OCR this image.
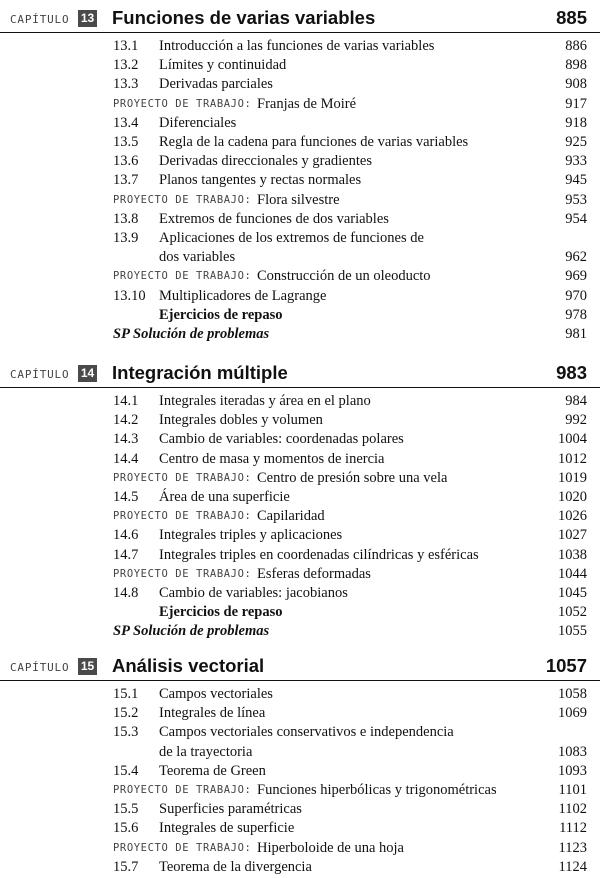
CAPÍTULO 13 Funciones de varias variables	885
13.1 Introducción a las funciones de varias variables	886
13.2 Límites y continuidad	898
13.3 Derivadas parciales	908
PROYECTO DE TRABAJO: Franjas de Moiré	917
13.4 Diferenciales	918
13.5 Regla de la cadena para funciones de varias variables	925
13.6 Derivadas direccionales y gradientes	933
13.7 Planos tangentes y rectas normales	945
PROYECTO DE TRABAJO: Flora silvestre	953
13.8 Extremos de funciones de dos variables	954
13.9 Aplicaciones de los extremos de funciones de
dos variables	962
PROYECTO DE TRABAJO: Construcción de un oleoducto	969
13.10 Multiplicadores de Lagrange	970
Ejercicios de repaso	978
SP Solución de problemas	981
CAPÍTULO 14 Integración múltiple	983
14.1 Integrales iteradas y área en el plano	984
14.2 Integrales dobles y volumen	992
14.3 Cambio de variables: coordenadas polares	1004
14.4 Centro de masa y momentos de inercia	1012
PROYECTO DE TRABAJO: Centro de presión sobre una vela	1019
14.5 Área de una superficie	1020
PROYECTO DE TRABAJO: Capilaridad	1026
14.6 Integrales triples y aplicaciones	1027
14.7 Integrales triples en coordenadas cilíndricas y esféricas	1038
PROYECTO DE TRABAJO: Esferas deformadas	1044
14.8 Cambio de variables: jacobianos	1045
Ejercicios de repaso	1052
SP Solución de problemas	1055
CAPÍTULO 15 Análisis vectorial	1057
15.1 Campos vectoriales	1058
15.2 Integrales de línea	1069
15.3 Campos vectoriales conservativos e independencia
de la trayectoria	1083
15.4 Teorema de Green	1093
PROYECTO DE TRABAJO: Funciones hiperbólicas y trigonométricas	1101
15.5 Superficies paramétricas	1102
15.6 Integrales de superficie	1112
PROYECTO DE TRABAJO: Hiperboloide de una hoja	1123
15.7 Teorema de la divergencia	1124
